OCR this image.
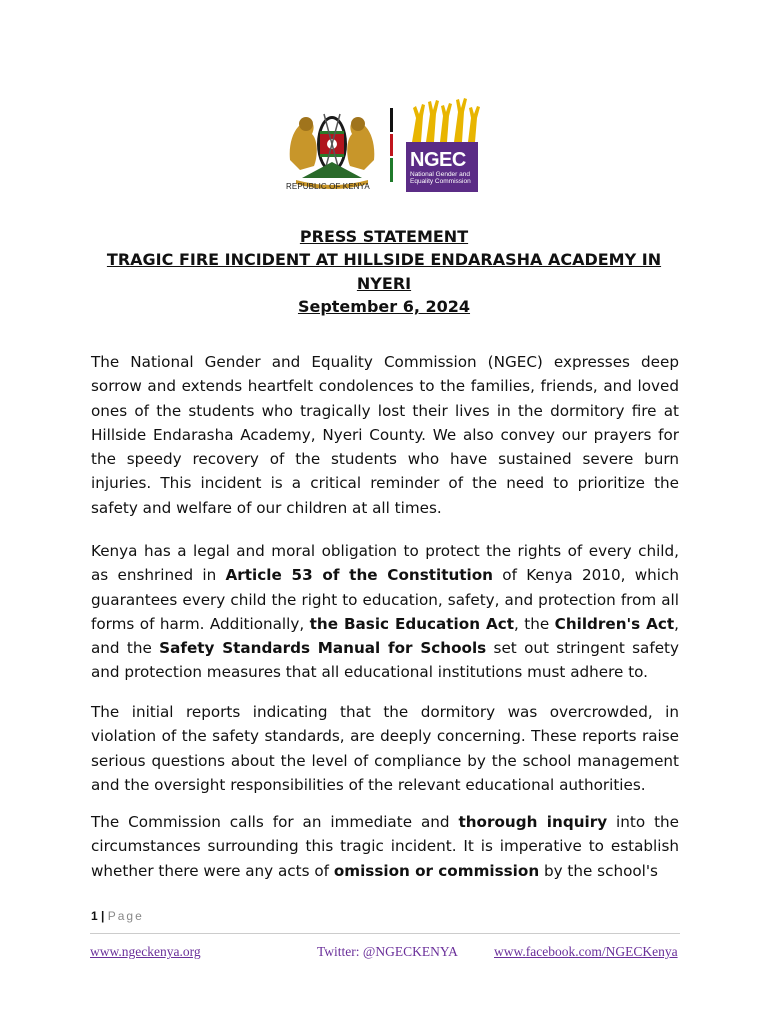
REPUBLIC OF KENYA
NGEC
National Gender and Equality Commission
PRESS STATEMENT
TRAGIC FIRE INCIDENT AT HILLSIDE ENDARASHA ACADEMY IN
NYERI
September 6, 2024
The National Gender and Equality Commission (NGEC) expresses deep sorrow and extends heartfelt condolences to the families, friends, and loved ones of the students who tragically lost their lives in the dormitory fire at Hillside Endarasha Academy, Nyeri County. We also convey our prayers for the speedy recovery of the students who have sustained severe burn injuries. This incident is a critical reminder of the need to prioritize the safety and welfare of our children at all times.
Kenya has a legal and moral obligation to protect the rights of every child, as enshrined in Article 53 of the Constitution of Kenya 2010, which guarantees every child the right to education, safety, and protection from all forms of harm. Additionally, the Basic Education Act, the Children's Act, and the Safety Standards Manual for Schools set out stringent safety and protection measures that all educational institutions must adhere to.
The initial reports indicating that the dormitory was overcrowded, in violation of the safety standards, are deeply concerning. These reports raise serious questions about the level of compliance by the school management and the oversight responsibilities of the relevant educational authorities.
The Commission calls for an immediate and thorough inquiry into the circumstances surrounding this tragic incident. It is imperative to establish whether there were any acts of omission or commission by the school's
1 | Page
www.ngeckenya.org	Twitter: @NGECKENYA	www.facebook.com/NGECKenya
